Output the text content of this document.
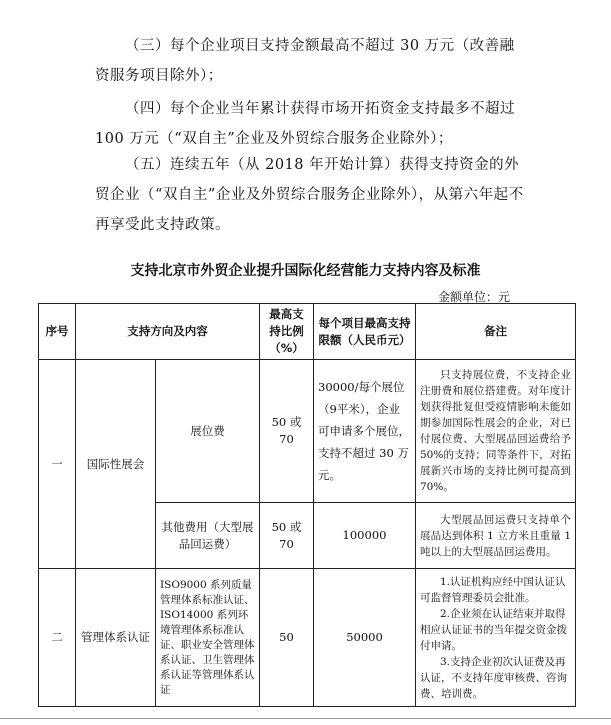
（三）每个企业项目支持金额最高不超过 30 万元（改善融资服务项目除外）；
（四）每个企业当年累计获得市场开拓资金支持最多不超过 100 万元（“双自主”企业及外贸综合服务企业除外）；
（五）连续五年（从 2018 年开始计算）获得支持资金的外贸企业（“双自主”企业及外贸综合服务企业除外），从第六年起不再享受此支持政策。
支持北京市外贸企业提升国际化经营能力支持内容及标准
金额单位：元
序号	支持方向及内容		最高支持比例（%）	每个项目最高支持限额（人民币元）	备注
一	国际性展会	展位费	50 或 70	30000/每个展位（9平米），企业可申请多个展位，支持不超过 30 万元。	只支持展位费，不支持企业注册费和展位搭建费。对年度计划获得批复但受疫情影响未能如期参加国际性展会的企业，对已付展位费、大型展品回运费给予 50%的支持；同等条件下，对拓展新兴市场的支持比例可提高到 70%。
		其他费用（大型展品回运费）	50 或 70	100000	大型展品回运费只支持单个展品达到体积 1 立方米且重量 1 吨以上的大型展品回运费用。
二	管理体系认证	ISO9000 系列质量管理体系标准认证、ISO14000 系列环境管理体系标准认证、职业安全管理体系认证、卫生管理体系认证等管理体系认证	50	50000	1.认证机构应经中国认证认可监督管理委员会批准。
2.企业须在认证结束并取得相应认证证书的当年提交资金拨付申请。
3.支持企业初次认证费及再认证，不支持年度审核费、咨询费、培训费。
